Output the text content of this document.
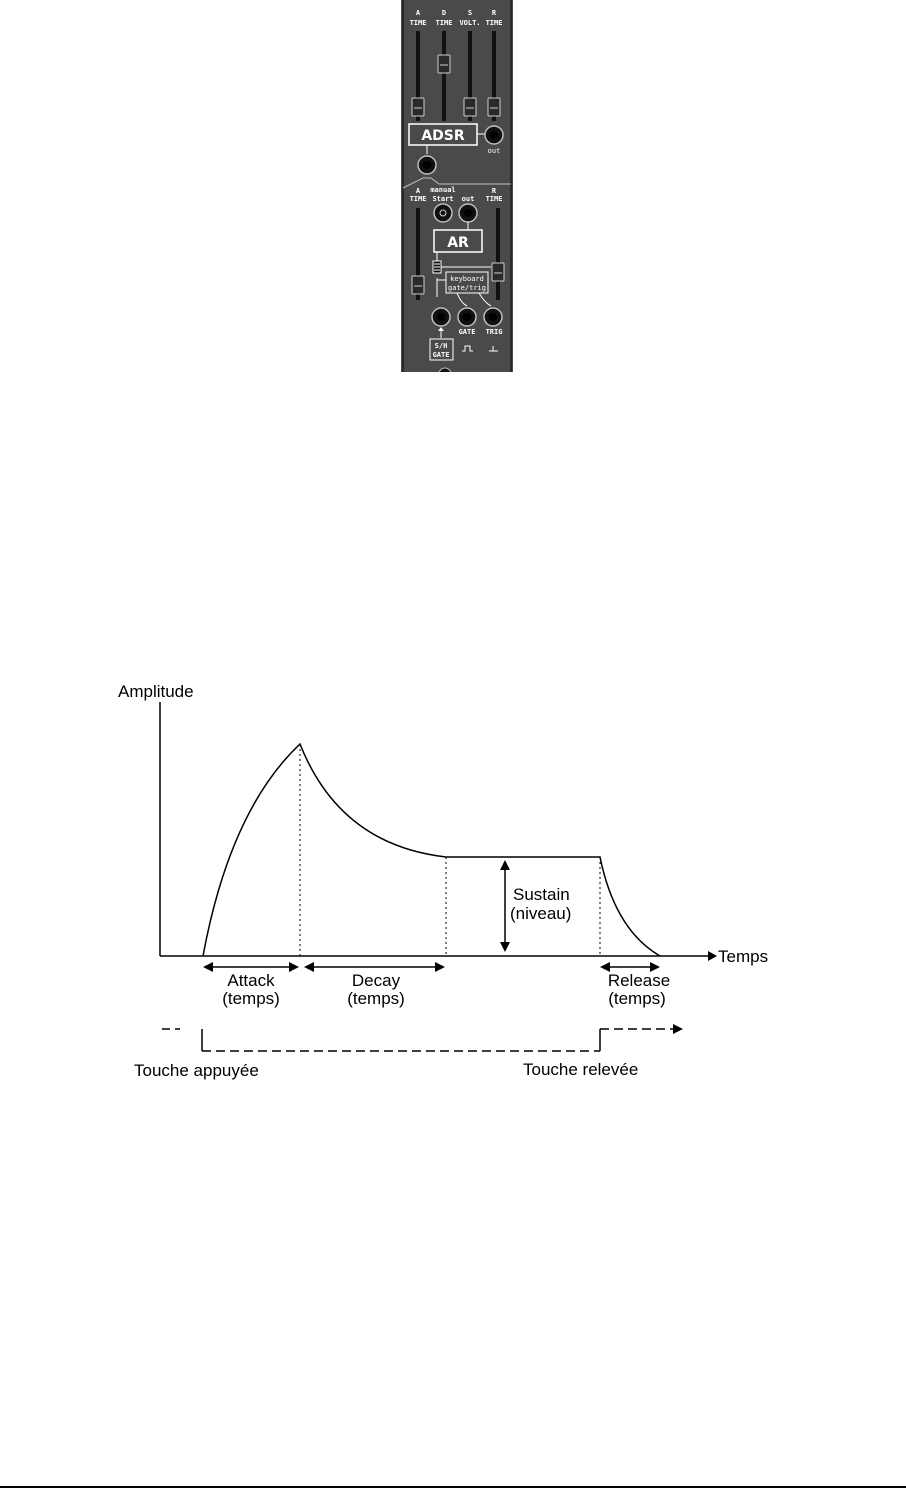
A
TIME
D
TIME
S
VOLT.
R
TIME
ADSR
out
A
TIME
manual
Start out
R
TIME
AR
keyboard
gate/trig
GATE TRIG
S/H
GATE
Amplitude
Temps
Sustain
(niveau)
Attack
(temps)
Decay
(temps)
Release
(temps)
Touche appuyée	Touche relevée
